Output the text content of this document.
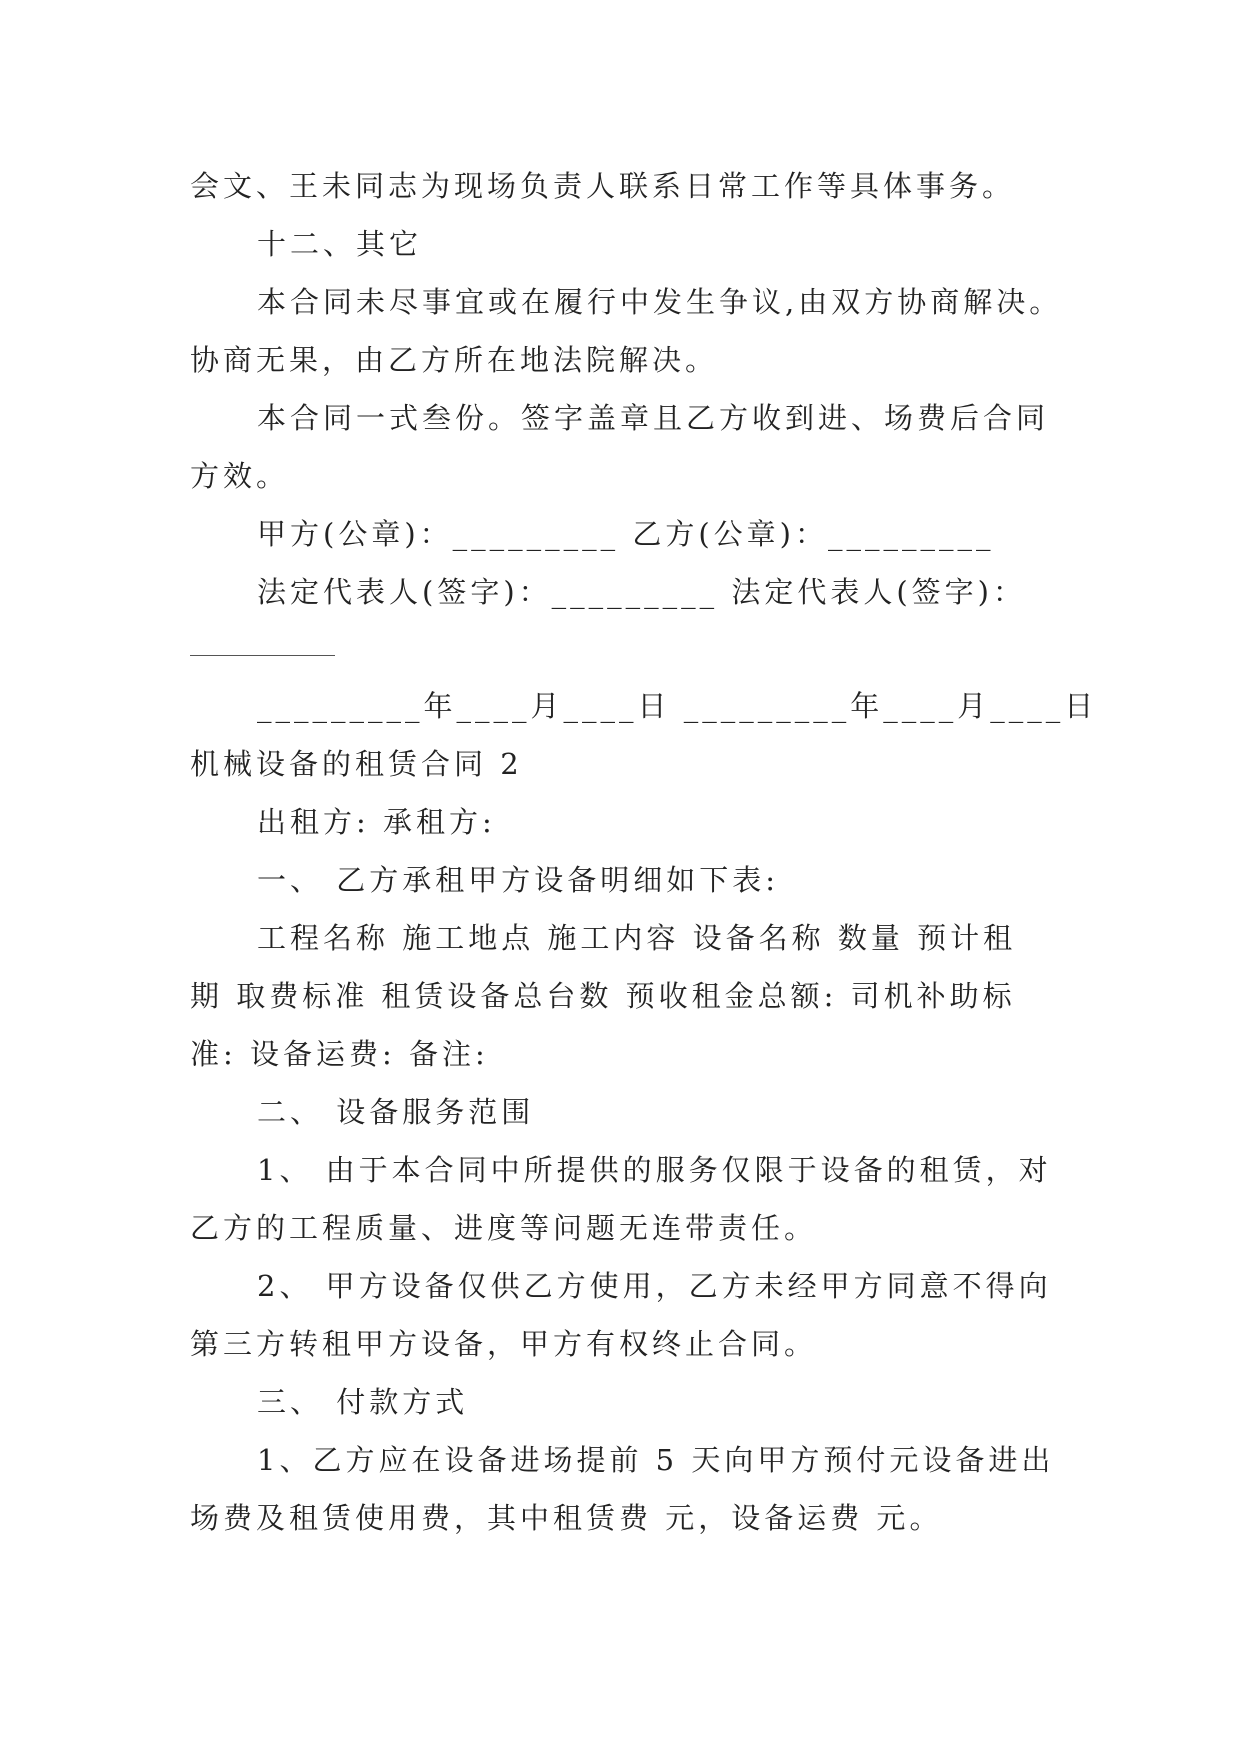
会文、王未同志为现场负责人联系日常工作等具体事务。
十二、其它
本合同未尽事宜或在履行中发生争议,由双方协商解决。
协商无果，由乙方所在地法院解决。
本合同一式叁份。签字盖章且乙方收到进、场费后合同
方效。
甲方(公章)：_________ 乙方(公章)：_________
法定代表人(签字)：_________ 法定代表人(签字)：
_________年____月____日 _________年____月____日
机械设备的租赁合同 2
出租方: 承租方:
一、 乙方承租甲方设备明细如下表:
工程名称 施工地点 施工内容 设备名称 数量 预计租
期 取费标准 租赁设备总台数 预收租金总额: 司机补助标
准: 设备运费: 备注:
二、 设备服务范围
1、 由于本合同中所提供的服务仅限于设备的租赁，对
乙方的工程质量、进度等问题无连带责任。
2、 甲方设备仅供乙方使用，乙方未经甲方同意不得向
第三方转租甲方设备，甲方有权终止合同。
三、 付款方式
1、乙方应在设备进场提前 5 天向甲方预付元设备进出
场费及租赁使用费，其中租赁费 元，设备运费 元。
